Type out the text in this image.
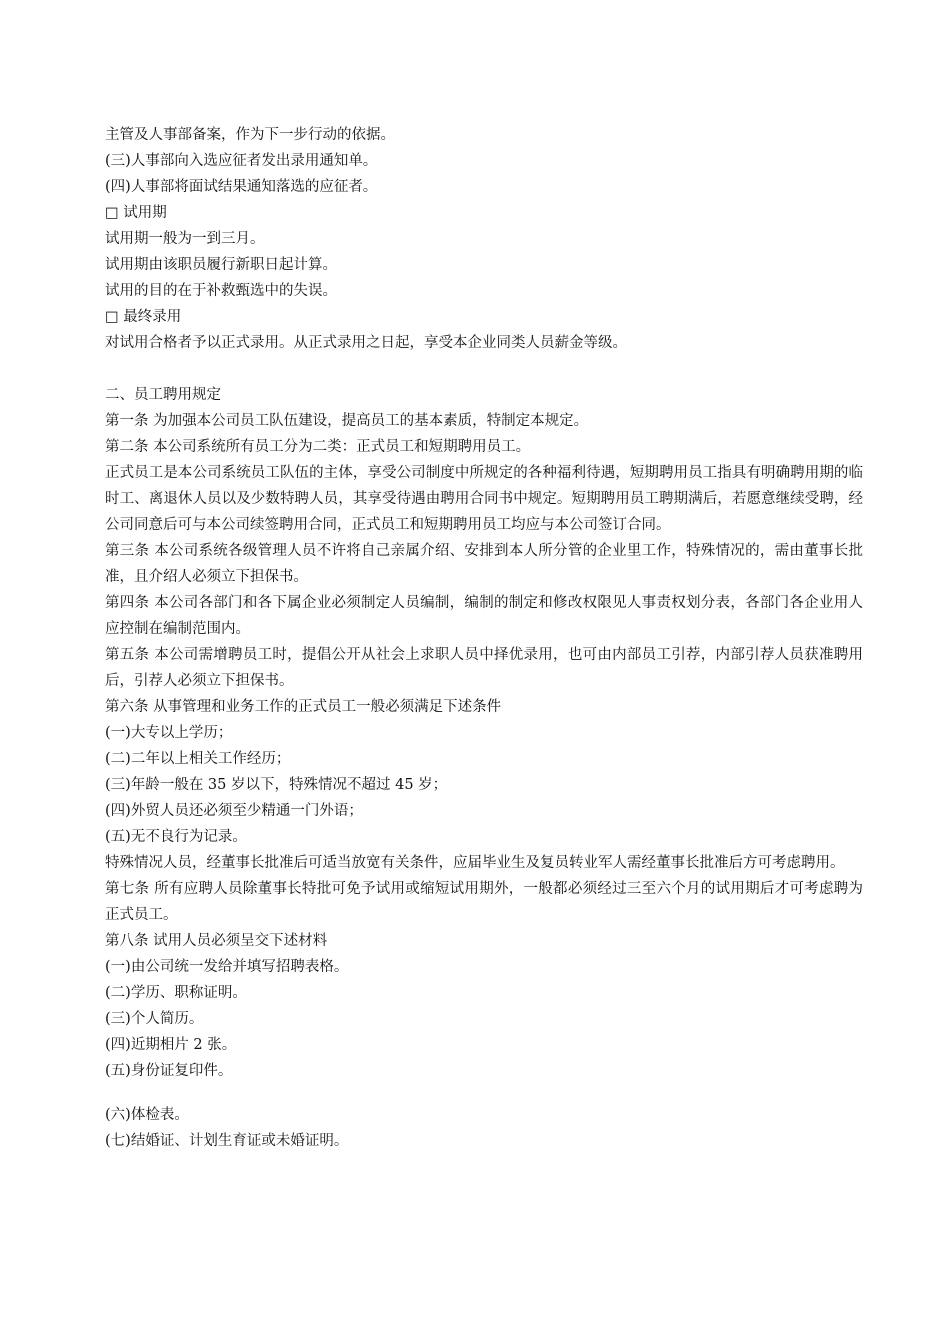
主管及人事部备案，作为下一步行动的依据。
(三)人事部向入选应征者发出录用通知单。
(四)人事部将面试结果通知落选的应征者。
□ 试用期
试用期一般为一到三月。
试用期由该职员履行新职日起计算。
试用的目的在于补救甄选中的失误。
□ 最终录用
对试用合格者予以正式录用。从正式录用之日起，享受本企业同类人员薪金等级。
二、员工聘用规定
第一条 为加强本公司员工队伍建设，提高员工的基本素质，特制定本规定。
第二条 本公司系统所有员工分为二类：正式员工和短期聘用员工。
正式员工是本公司系统员工队伍的主体，享受公司制度中所规定的各种福利待遇，短期聘用员工指具有明确聘用期的临时工、离退休人员以及少数特聘人员，其享受待遇由聘用合同书中规定。短期聘用员工聘期满后，若愿意继续受聘，经公司同意后可与本公司续签聘用合同，正式员工和短期聘用员工均应与本公司签订合同。
第三条 本公司系统各级管理人员不许将自己亲属介绍、安排到本人所分管的企业里工作，特殊情况的，需由董事长批准，且介绍人必须立下担保书。
第四条 本公司各部门和各下属企业必须制定人员编制，编制的制定和修改权限见人事责权划分表，各部门各企业用人应控制在编制范围内。
第五条 本公司需增聘员工时，提倡公开从社会上求职人员中择优录用，也可由内部员工引荐，内部引荐人员获准聘用后，引荐人必须立下担保书。
第六条 从事管理和业务工作的正式员工一般必须满足下述条件
(一)大专以上学历；
(二)二年以上相关工作经历；
(三)年龄一般在 35 岁以下，特殊情况不超过 45 岁；
(四)外贸人员还必须至少精通一门外语；
(五)无不良行为记录。
特殊情况人员，经董事长批准后可适当放宽有关条件，应届毕业生及复员转业军人需经董事长批准后方可考虑聘用。
第七条 所有应聘人员除董事长特批可免予试用或缩短试用期外，一般都必须经过三至六个月的试用期后才可考虑聘为正式员工。
第八条 试用人员必须呈交下述材料
(一)由公司统一发给并填写招聘表格。
(二)学历、职称证明。
(三)个人简历。
(四)近期相片 2 张。
(五)身份证复印件。
(六)体检表。
(七)结婚证、计划生育证或未婚证明。
